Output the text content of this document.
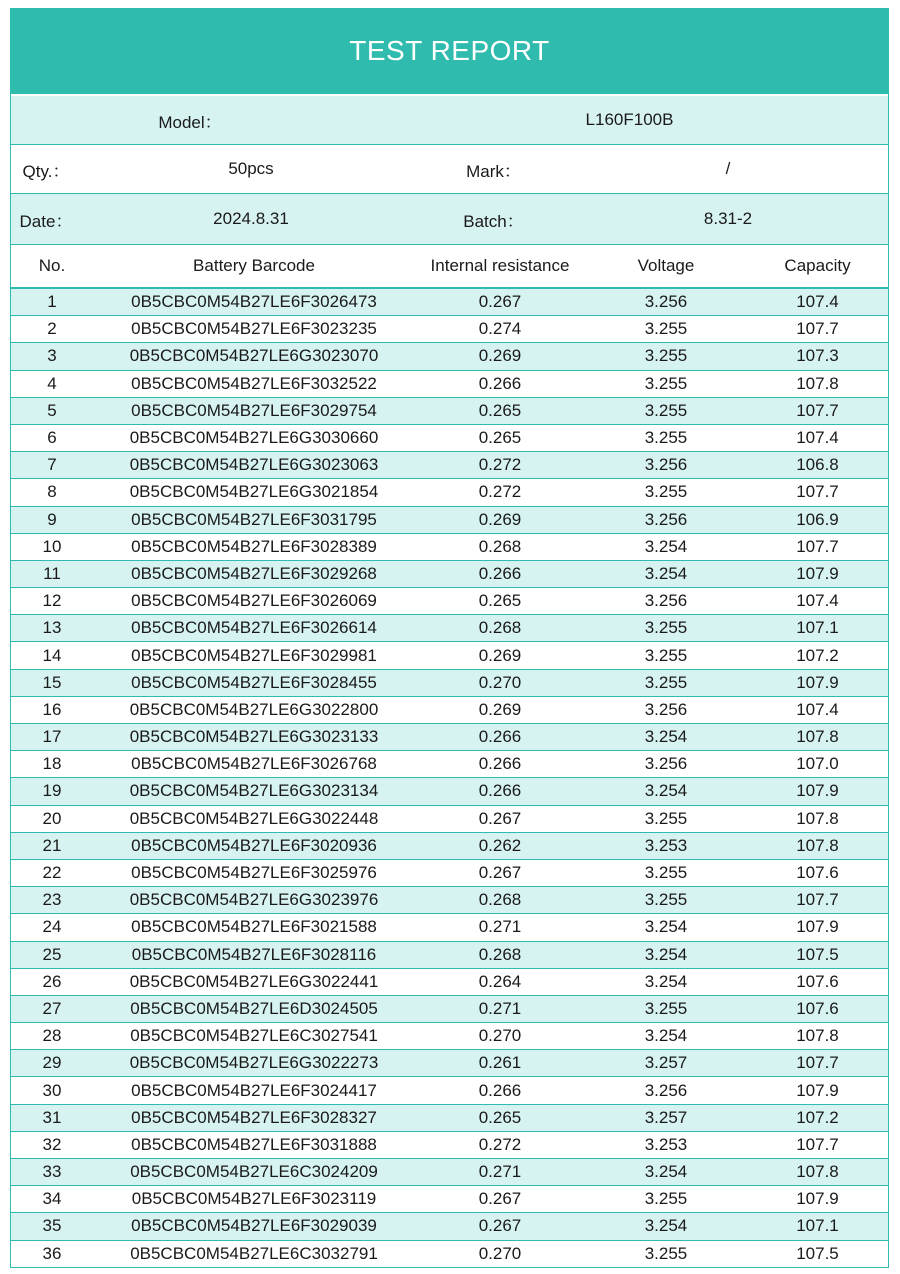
TEST REPORT
Model：	L160F100B
Qty.：	50pcs	Mark：	/
Date：	2024.8.31	Batch：	8.31-2
No.	Battery Barcode	Internal resistance	Voltage	Capacity
1	0B5CBC0M54B27LE6F3026473	0.267	3.256	107.4
2	0B5CBC0M54B27LE6F3023235	0.274	3.255	107.7
3	0B5CBC0M54B27LE6G3023070	0.269	3.255	107.3
4	0B5CBC0M54B27LE6F3032522	0.266	3.255	107.8
5	0B5CBC0M54B27LE6F3029754	0.265	3.255	107.7
6	0B5CBC0M54B27LE6G3030660	0.265	3.255	107.4
7	0B5CBC0M54B27LE6G3023063	0.272	3.256	106.8
8	0B5CBC0M54B27LE6G3021854	0.272	3.255	107.7
9	0B5CBC0M54B27LE6F3031795	0.269	3.256	106.9
10	0B5CBC0M54B27LE6F3028389	0.268	3.254	107.7
11	0B5CBC0M54B27LE6F3029268	0.266	3.254	107.9
12	0B5CBC0M54B27LE6F3026069	0.265	3.256	107.4
13	0B5CBC0M54B27LE6F3026614	0.268	3.255	107.1
14	0B5CBC0M54B27LE6F3029981	0.269	3.255	107.2
15	0B5CBC0M54B27LE6F3028455	0.270	3.255	107.9
16	0B5CBC0M54B27LE6G3022800	0.269	3.256	107.4
17	0B5CBC0M54B27LE6G3023133	0.266	3.254	107.8
18	0B5CBC0M54B27LE6F3026768	0.266	3.256	107.0
19	0B5CBC0M54B27LE6G3023134	0.266	3.254	107.9
20	0B5CBC0M54B27LE6G3022448	0.267	3.255	107.8
21	0B5CBC0M54B27LE6F3020936	0.262	3.253	107.8
22	0B5CBC0M54B27LE6F3025976	0.267	3.255	107.6
23	0B5CBC0M54B27LE6G3023976	0.268	3.255	107.7
24	0B5CBC0M54B27LE6F3021588	0.271	3.254	107.9
25	0B5CBC0M54B27LE6F3028116	0.268	3.254	107.5
26	0B5CBC0M54B27LE6G3022441	0.264	3.254	107.6
27	0B5CBC0M54B27LE6D3024505	0.271	3.255	107.6
28	0B5CBC0M54B27LE6C3027541	0.270	3.254	107.8
29	0B5CBC0M54B27LE6G3022273	0.261	3.257	107.7
30	0B5CBC0M54B27LE6F3024417	0.266	3.256	107.9
31	0B5CBC0M54B27LE6F3028327	0.265	3.257	107.2
32	0B5CBC0M54B27LE6F3031888	0.272	3.253	107.7
33	0B5CBC0M54B27LE6C3024209	0.271	3.254	107.8
34	0B5CBC0M54B27LE6F3023119	0.267	3.255	107.9
35	0B5CBC0M54B27LE6F3029039	0.267	3.254	107.1
36	0B5CBC0M54B27LE6C3032791	0.270	3.255	107.5
